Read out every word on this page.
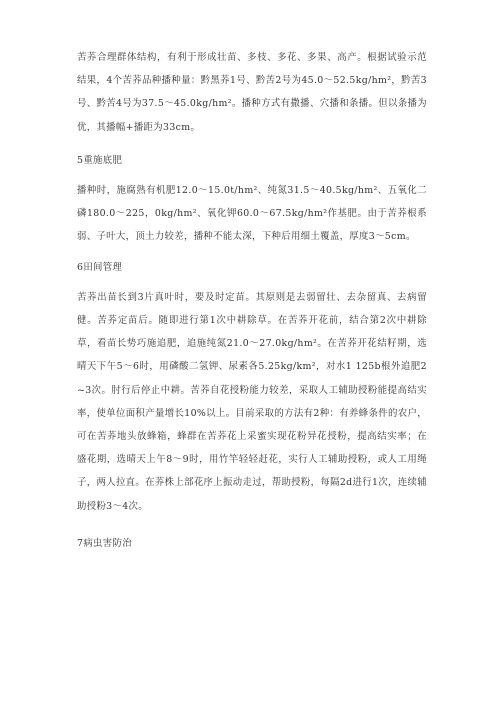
苦荞合理群体结构，有利于形成壮苗、多枝、多花、多果、高产。根据试验示范结果，4个苦荞品种播种量：黔黑荞1号、黔苦2号为45.0～52.5kg/hm²，黔苦3号、黔苦4号为37.5～45.0kg/hm²。播种方式有撒播、穴播和条播。但以条播为优，其播幅+播距为33cm。

5重施底肥

播种时，施腐熟有机肥12.0～15.0t/hm²、纯氮31.5～40.5kg/hm²、五氧化二磷180.0～225，0kg/hm²、氧化钾60.0～67.5kg/hm²作基肥。由于苦荞根系弱、子叶大，顶土力较差，播种不能太深，下种后用细土覆盖，厚度3～5cm。

6田间管理

苦荞出苗长到3片真叶时，要及时定苗。其原则是去弱留壮、去杂留真、去病留健。苦荞定苗后。随即进行第1次中耕除草。在苦荞开花前，结合第2次中耕除草，看苗长势巧施追肥，追施纯氮21.0～27.0kg/hm²。在苦荞开花结籽期，选晴天下午5～6时，用磷酸二氢钾、尿素各5.25kg/km²，对水1 125b根外追肥2~3次。肘行后停止中耕。苦荞自花授粉能力较差，采取人工辅助授粉能提高结实率，使单位面积产量增长10%以上。目前采取的方法有2种：有养蜂条件的农户，可在苦荞地头放蜂箱，蜂群在苦荞花上采蜜实现花粉异花授粉，提高结实率；在盛花期，选晴天上午8～9时，用竹竿轻轻赶花，实行人工辅助授粉，或人工用绳子，两人拉直。在荞株上部花序上振动走过，帮助授粉，每隔2d进行1次，连续辅助授粉3～4次。

7病虫害防治
